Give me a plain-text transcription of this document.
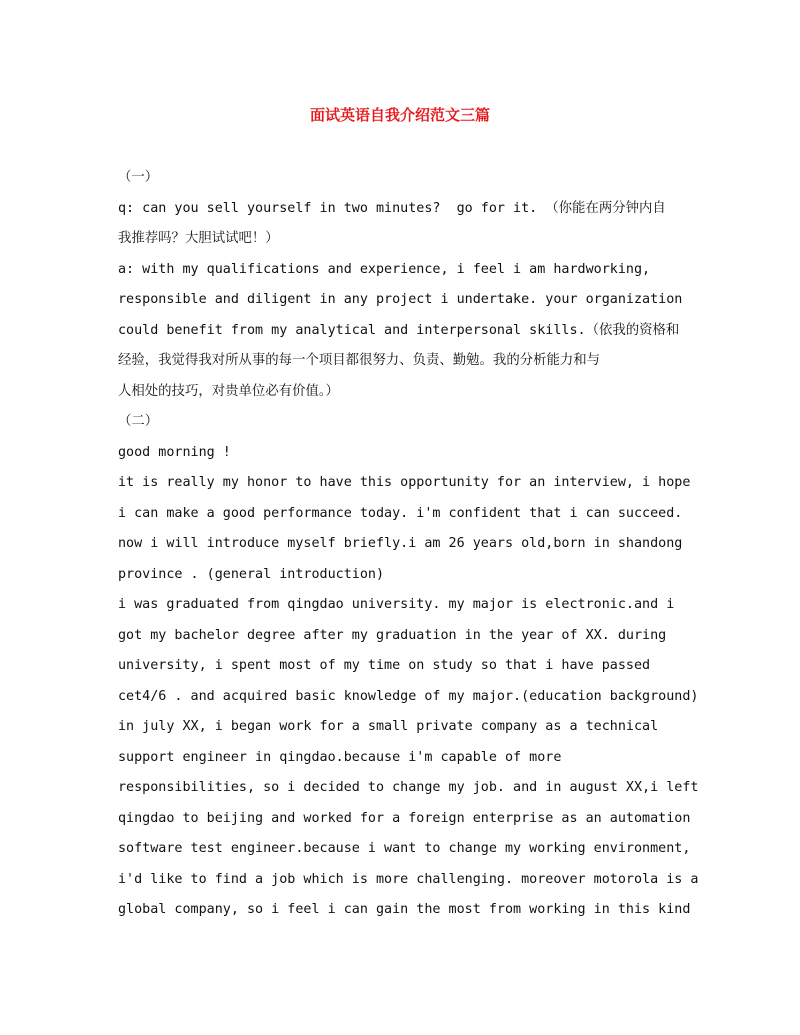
面试英语自我介绍范文三篇
（一）
q: can you sell yourself in two minutes?  go for it. （你能在两分钟内自
我推荐吗？大胆试试吧！）
a: with my qualifications and experience, i feel i am hardworking,
responsible and diligent in any project i undertake. your organization
could benefit from my analytical and interpersonal skills.（依我的资格和
经验，我觉得我对所从事的每一个项目都很努力、负责、勤勉。我的分析能力和与
人相处的技巧，对贵单位必有价值。）
（二）
good morning !
it is really my honor to have this opportunity for an interview, i hope
i can make a good performance today. i'm confident that i can succeed.
now i will introduce myself briefly.i am 26 years old,born in shandong
province . (general introduction)
i was graduated from qingdao university. my major is electronic.and i
got my bachelor degree after my graduation in the year of XX. during
university, i spent most of my time on study so that i have passed
cet4/6 . and acquired basic knowledge of my major.(education background)
in july XX, i began work for a small private company as a technical
support engineer in qingdao.because i'm capable of more
responsibilities, so i decided to change my job. and in august XX,i left
qingdao to beijing and worked for a foreign enterprise as an automation
software test engineer.because i want to change my working environment,
i'd like to find a job which is more challenging. moreover motorola is a
global company, so i feel i can gain the most from working in this kind
